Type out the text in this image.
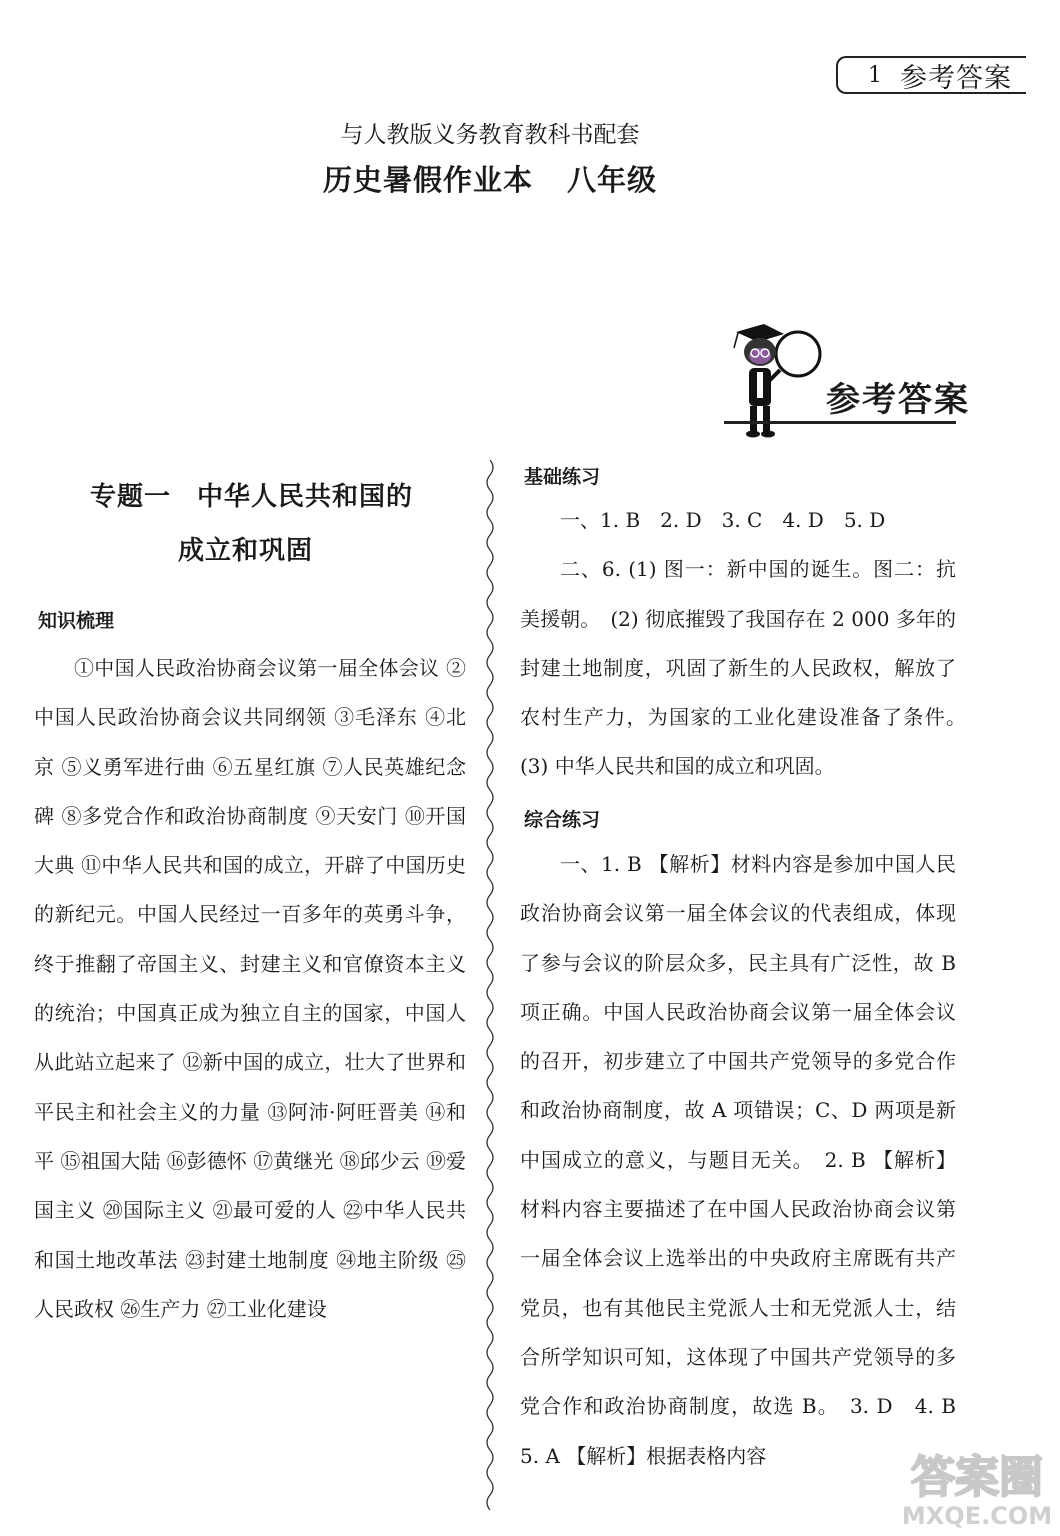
1 参考答案
与人教版义务教育教科书配套
历史暑假作业本 八年级
参考答案
专题一 中华人民共和国的
成立和巩固
知识梳理

①中国人民政治协商会议第一届全体会议 ②中国人民政治协商会议共同纲领 ③毛泽东 ④北京 ⑤义勇军进行曲 ⑥五星红旗 ⑦人民英雄纪念碑 ⑧多党合作和政治协商制度 ⑨天安门 ⑩开国大典 ⑪中华人民共和国的成立，开辟了中国历史的新纪元。中国人民经过一百多年的英勇斗争，终于推翻了帝国主义、封建主义和官僚资本主义的统治；中国真正成为独立自主的国家，中国人从此站立起来了 ⑫新中国的成立，壮大了世界和平民主和社会主义的力量 ⑬阿沛·阿旺晋美 ⑭和平 ⑮祖国大陆 ⑯彭德怀 ⑰黄继光 ⑱邱少云 ⑲爱国主义 ⑳国际主义 ㉑最可爱的人 ㉒中华人民共和国土地改革法 ㉓封建土地制度 ㉔地主阶级 ㉕人民政权 ㉖生产力 ㉗工业化建设

基础练习

一、1. B　2. D　3. C　4. D　5. D

二、6. (1) 图一：新中国的诞生。图二：抗美援朝。　(2) 彻底摧毁了我国存在 2 000 多年的封建土地制度，巩固了新生的人民政权，解放了农村生产力，为国家的工业化建设准备了条件。　(3) 中华人民共和国的成立和巩固。

综合练习

一、1. B 【解析】材料内容是参加中国人民政治协商会议第一届全体会议的代表组成，体现了参与会议的阶层众多，民主具有广泛性，故 B 项正确。中国人民政治协商会议第一届全体会议的召开，初步建立了中国共产党领导的多党合作和政治协商制度，故 A 项错误；C、D 两项是新中国成立的意义，与题目无关。　2. B 【解析】材料内容主要描述了在中国人民政治协商会议第一届全体会议上选举出的中央政府主席既有共产党员，也有其他民主党派人士和无党派人士，结合所学知识可知，这体现了中国共产党领导的多党合作和政治协商制度，故选 B。　3. D　4. B　5. A 【解析】根据表格内容	答案圈
MXQE.COM
